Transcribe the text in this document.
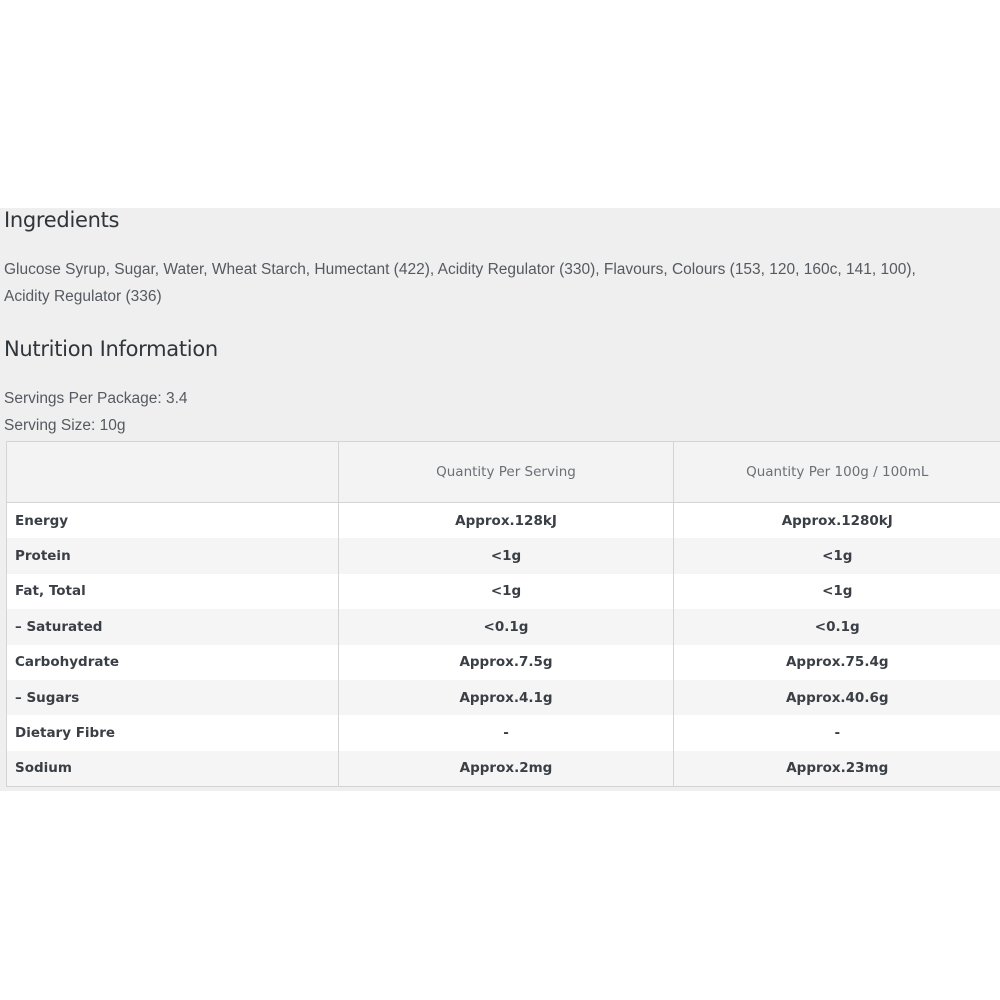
Ingredients
Glucose Syrup, Sugar, Water, Wheat Starch, Humectant (422), Acidity Regulator (330), Flavours, Colours (153, 120, 160c, 141, 100),
Acidity Regulator (336)
Nutrition Information
Servings Per Package: 3.4
Serving Size: 10g
	Quantity Per Serving	Quantity Per 100g / 100mL
Energy	Approx.128kJ	Approx.1280kJ
Protein	<1g	<1g
Fat, Total	<1g	<1g
– Saturated	<0.1g	<0.1g
Carbohydrate	Approx.7.5g	Approx.75.4g
– Sugars	Approx.4.1g	Approx.40.6g
Dietary Fibre	-	-
Sodium	Approx.2mg	Approx.23mg
